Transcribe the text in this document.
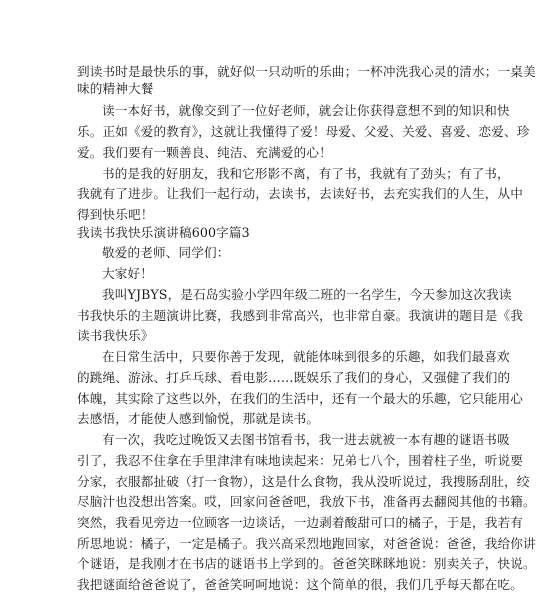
到读书时是最快乐的事，就好似一只动听的乐曲；一杯冲洗我心灵的清水；一桌美
味的精神大餐
读一本好书，就像交到了一位好老师，就会让你获得意想不到的知识和快
乐。正如《爱的教育》，这就让我懂得了爱！母爱、父爱、关爱、喜爱、恋爱、珍
爱。我们要有一颗善良、纯洁、充满爱的心！
书的是我的好朋友，我和它形影不离，有了书，我就有了劲头；有了书，
我就有了进步。让我们一起行动，去读书，去读好书，去充实我们的人生，从中
得到快乐吧！
我读书我快乐演讲稿600字篇3
敬爱的老师、同学们：
大家好！
我叫YJBYS，是石岛实验小学四年级二班的一名学生，今天参加这次我读
书我快乐的主题演讲比赛，我感到非常高兴，也非常自豪。我演讲的题目是《我
读书我快乐》
在日常生活中，只要你善于发现，就能体味到很多的乐趣，如我们最喜欢
的跳绳、游泳、打乒乓球、看电影……既娱乐了我们的身心，又强健了我们的
体魄，其实除了这些以外，在我们的生活中，还有一个最大的乐趣，它只能用心
去感悟，才能使人感到愉悦，那就是读书。
有一次，我吃过晚饭又去图书馆看书，我一进去就被一本有趣的谜语书吸
引了，我忍不住拿在手里津津有味地读起来：兄弟七八个，围着柱子坐，听说要
分家，衣服都扯破（打一食物），这是什么食物，我从没听说过，我搜肠刮肚，绞
尽脑汁也没想出答案。哎，回家问爸爸吧，我放下书，准备再去翻阅其他的书籍。
突然，我看见旁边一位顾客一边谈话，一边剥着酸甜可口的橘子，于是，我若有
所思地说：橘子，一定是橘子。我兴高采烈地跑回家，对爸爸说：爸爸，我给你讲
个谜语，是我刚才在书店的谜语书上学到的。爸爸笑眯眯地说：别卖关子，快说。
我把谜面给爸爸说了，爸爸笑呵呵地说：这个简单的很，我们几乎每天都在吃。
